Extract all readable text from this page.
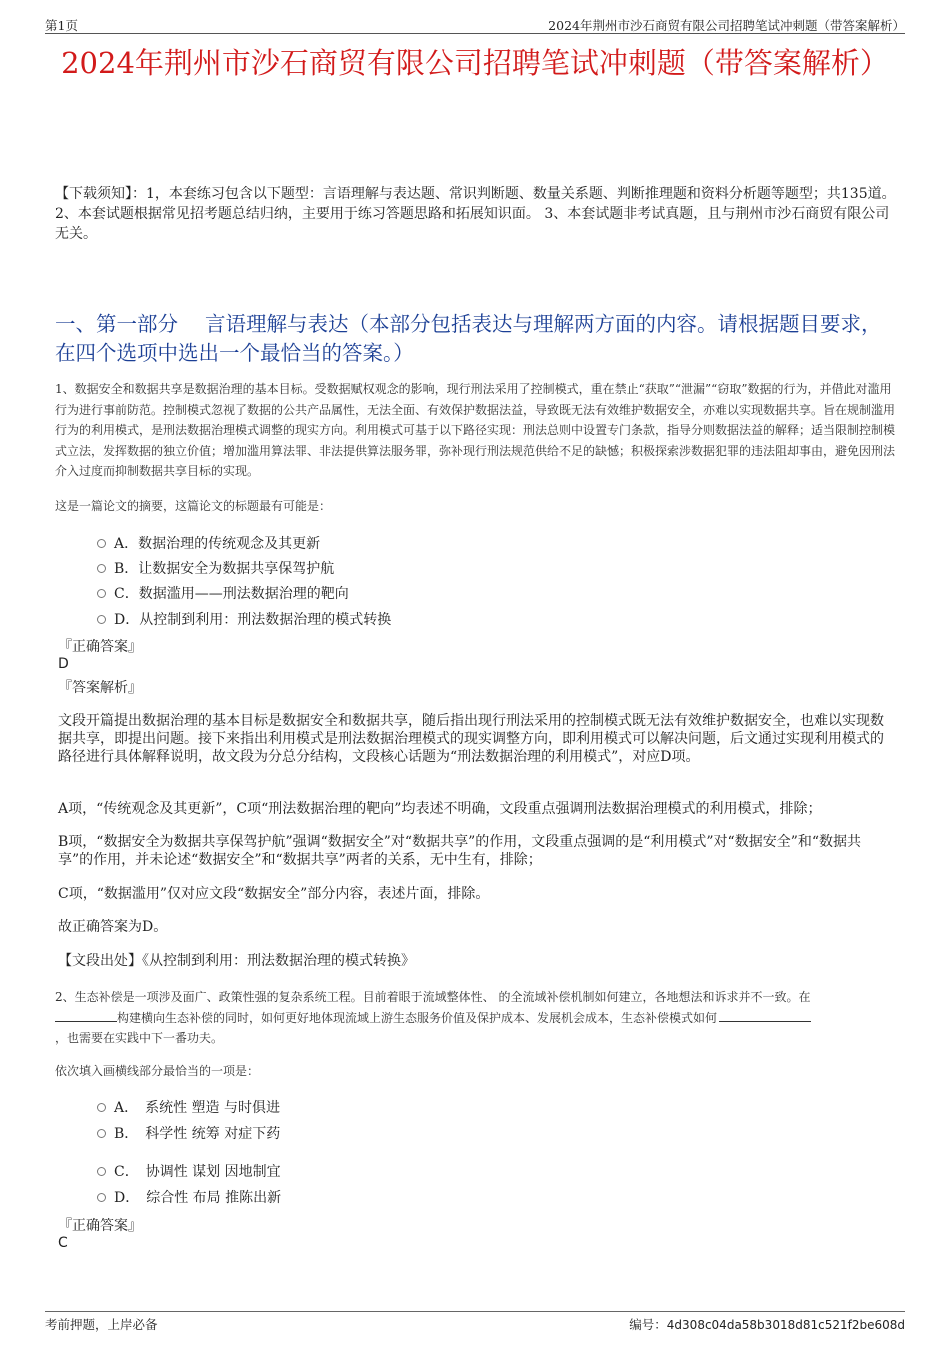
第1页	2024年荆州市沙石商贸有限公司招聘笔试冲刺题（带答案解析）
2024年荆州市沙石商贸有限公司招聘笔试冲刺题（带答案解析）
【下载须知】：1，本套练习包含以下题型：言语理解与表达题、常识判断题、数量关系题、判断推理题和资料分析题等题型；共135道。 2、本套试题根据常见招考题总结归纳，主要用于练习答题思路和拓展知识面。 3、本套试题非考试真题，且与荆州市沙石商贸有限公司无关。
一、第一部分　 言语理解与表达（本部分包括表达与理解两方面的内容。请根据题目要求，在四个选项中选出一个最恰当的答案。）
1、数据安全和数据共享是数据治理的基本目标。受数据赋权观念的影响，现行刑法采用了控制模式，重在禁止“获取”“泄漏”“窃取”数据的行为，并借此对滥用行为进行事前防范。控制模式忽视了数据的公共产品属性，无法全面、有效保护数据法益，导致既无法有效维护数据安全，亦难以实现数据共享。旨在规制滥用行为的利用模式，是刑法数据治理模式调整的现实方向。利用模式可基于以下路径实现：刑法总则中设置专门条款，指导分则数据法益的解释；适当限制控制模式立法，发挥数据的独立价值；增加滥用算法罪、非法提供算法服务罪，弥补现行刑法规范供给不足的缺憾；积极探索涉数据犯罪的违法阻却事由，避免因刑法介入过度而抑制数据共享目标的实现。
这是一篇论文的摘要，这篇论文的标题最有可能是：
A．数据治理的传统观念及其更新
B．让数据安全为数据共享保驾护航
C．数据滥用——刑法数据治理的靶向
D．从控制到利用：刑法数据治理的模式转换
『正确答案』
D
『答案解析』
文段开篇提出数据治理的基本目标是数据安全和数据共享，随后指出现行刑法采用的控制模式既无法有效维护数据安全，也难以实现数据共享，即提出问题。接下来指出利用模式是刑法数据治理模式的现实调整方向，即利用模式可以解决问题，后文通过实现利用模式的路径进行具体解释说明，故文段为分总分结构，文段核心话题为“刑法数据治理的利用模式”，对应D项。
A项，“传统观念及其更新”，C项“刑法数据治理的靶向”均表述不明确，文段重点强调刑法数据治理模式的利用模式，排除；
B项，“数据安全为数据共享保驾护航”强调“数据安全”对“数据共享”的作用，文段重点强调的是“利用模式”对“数据安全”和“数据共享”的作用，并未论述“数据安全”和“数据共享”两者的关系，无中生有，排除；
C项，“数据滥用”仅对应文段“数据安全”部分内容，表述片面，排除。
故正确答案为D。
【文段出处】《从控制到利用：刑法数据治理的模式转换》
2、生态补偿是一项涉及面广、政策性强的复杂系统工程。目前着眼于流域整体性、 的全流域补偿机制如何建立，各地想法和诉求并不一致。在
构建横向生态补偿的同时，如何更好地体现流域上游生态服务价值及保护成本、发展机会成本，生态补偿模式如何
，也需要在实践中下一番功夫。
依次填入画横线部分最恰当的一项是：
A．　系统性 塑造 与时俱进
B．　科学性 统筹 对症下药
C．　协调性 谋划 因地制宜
D．　综合性 布局 推陈出新
『正确答案』
C
考前押题，上岸必备	编号：4d308c04da58b3018d81c521f2be608d
